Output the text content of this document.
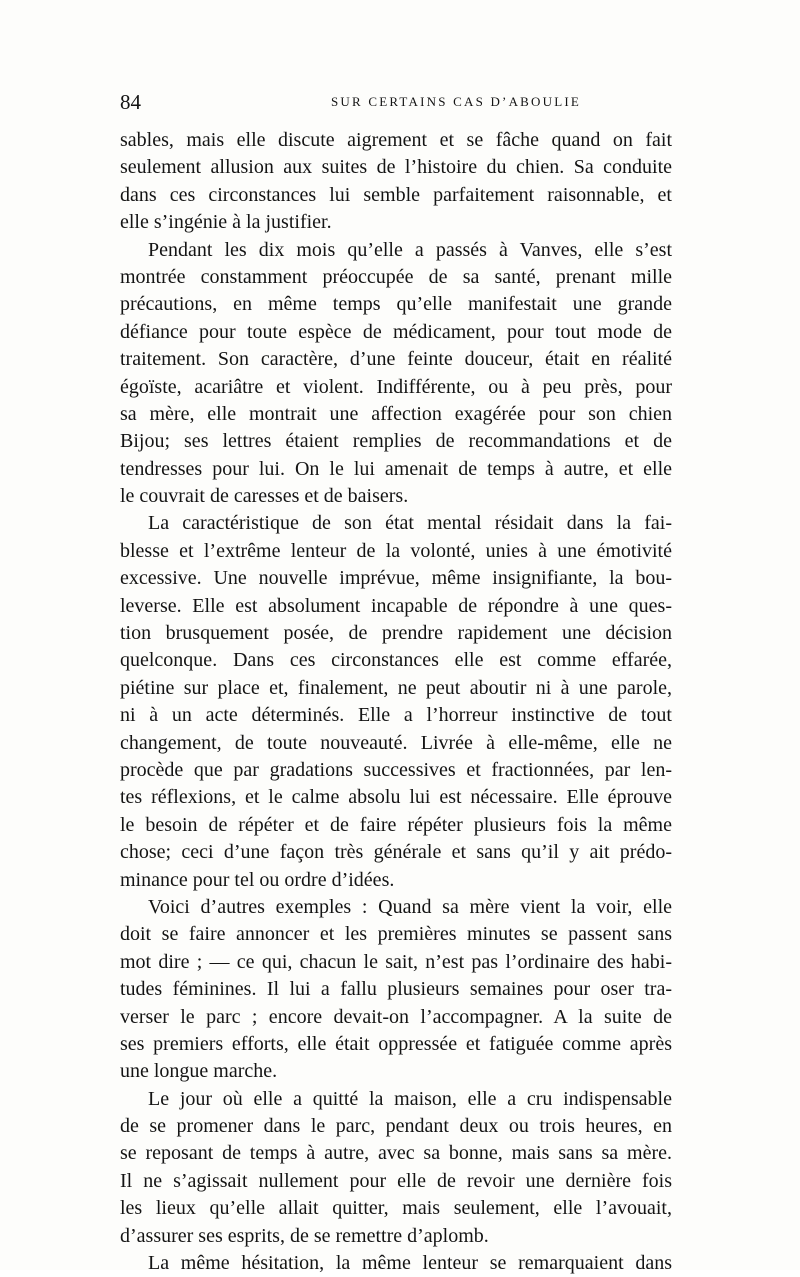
84	SUR CERTAINS CAS D’ABOULIE
sables, mais elle discute aigrement et se fâche quand on fait
seulement allusion aux suites de l’histoire du chien. Sa conduite
dans ces circonstances lui semble parfaitement raisonnable, et
elle s’ingénie à la justifier.
Pendant les dix mois qu’elle a passés à Vanves, elle s’est
montrée constamment préoccupée de sa santé, prenant mille
précautions, en même temps qu’elle manifestait une grande
défiance pour toute espèce de médicament, pour tout mode de
traitement. Son caractère, d’une feinte douceur, était en réalité
égoïste, acariâtre et violent. Indifférente, ou à peu près, pour
sa mère, elle montrait une affection exagérée pour son chien
Bijou; ses lettres étaient remplies de recommandations et de
tendresses pour lui. On le lui amenait de temps à autre, et elle
le couvrait de caresses et de baisers.
La caractéristique de son état mental résidait dans la fai-
blesse et l’extrême lenteur de la volonté, unies à une émotivité
excessive. Une nouvelle imprévue, même insignifiante, la bou-
leverse. Elle est absolument incapable de répondre à une ques-
tion brusquement posée, de prendre rapidement une décision
quelconque. Dans ces circonstances elle est comme effarée,
piétine sur place et, finalement, ne peut aboutir ni à une parole,
ni à un acte déterminés. Elle a l’horreur instinctive de tout
changement, de toute nouveauté. Livrée à elle-même, elle ne
procède que par gradations successives et fractionnées, par len-
tes réflexions, et le calme absolu lui est nécessaire. Elle éprouve
le besoin de répéter et de faire répéter plusieurs fois la même
chose; ceci d’une façon très générale et sans qu’il y ait prédo-
minance pour tel ou ordre d’idées.
Voici d’autres exemples : Quand sa mère vient la voir, elle
doit se faire annoncer et les premières minutes se passent sans
mot dire ; — ce qui, chacun le sait, n’est pas l’ordinaire des habi-
tudes féminines. Il lui a fallu plusieurs semaines pour oser tra-
verser le parc ; encore devait-on l’accompagner. A la suite de
ses premiers efforts, elle était oppressée et fatiguée comme après
une longue marche.
Le jour où elle a quitté la maison, elle a cru indispensable
de se promener dans le parc, pendant deux ou trois heures, en
se reposant de temps à autre, avec sa bonne, mais sans sa mère.
Il ne s’agissait nullement pour elle de revoir une dernière fois
les lieux qu’elle allait quitter, mais seulement, elle l’avouait,
d’assurer ses esprits, de se remettre d’aplomb.
La même hésitation, la même lenteur se remarquaient dans
